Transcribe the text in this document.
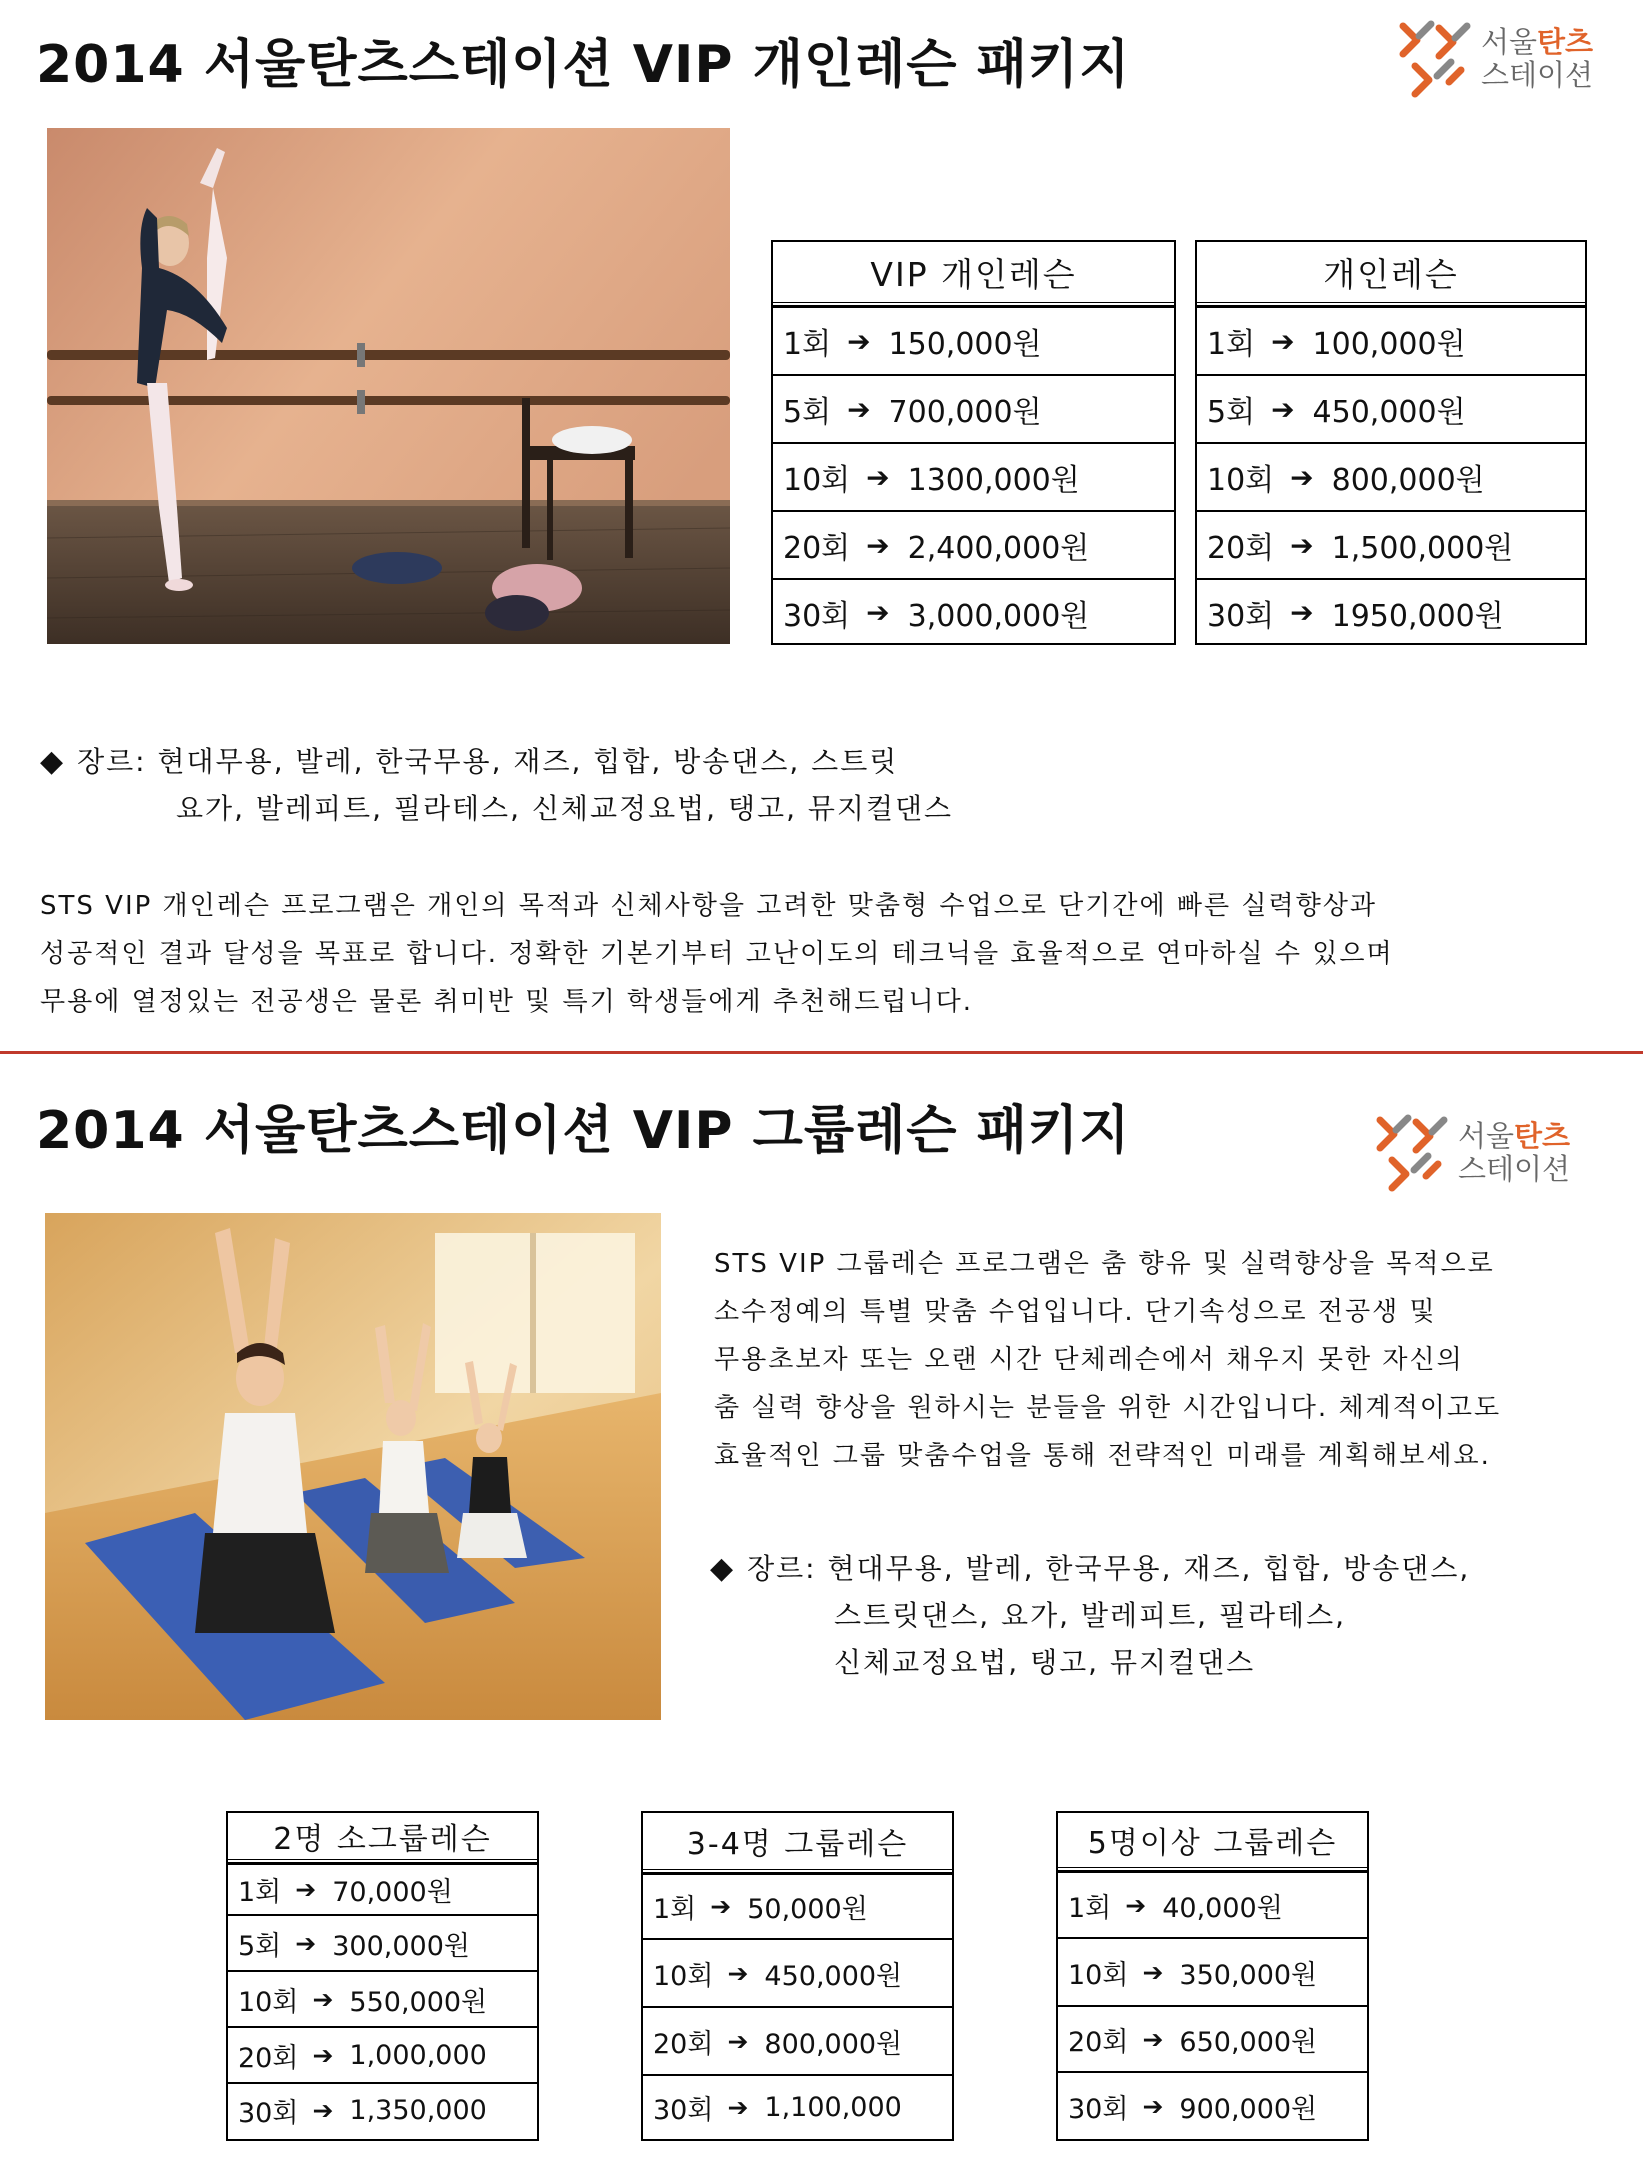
2014 서울탄츠스테이션 VIP 개인레슨 패키지	서울탄츠
스테이션
VIP 개인레슨
1회 ➔ 150,000원
5회 ➔ 700,000원
10회 ➔ 1300,000원
20회 ➔ 2,400,000원
30회 ➔ 3,000,000원
개인레슨
1회 ➔ 100,000원
5회 ➔ 450,000원
10회 ➔ 800,000원
20회 ➔ 1,500,000원
30회 ➔ 1950,000원
◆ 장르: 현대무용, 발레, 한국무용, 재즈, 힙합, 방송댄스, 스트릿
요가, 발레피트, 필라테스, 신체교정요법, 탱고, 뮤지컬댄스
STS VIP 개인레슨 프로그램은 개인의 목적과 신체사항을 고려한 맞춤형 수업으로 단기간에 빠른 실력향상과
성공적인 결과 달성을 목표로 합니다. 정확한 기본기부터 고난이도의 테크닉을 효율적으로 연마하실 수 있으며
무용에 열정있는 전공생은 물론 취미반 및 특기 학생들에게 추천해드립니다.
2014 서울탄츠스테이션 VIP 그룹레슨 패키지	서울탄츠
스테이션
STS VIP 그룹레슨 프로그램은 춤 향유 및 실력향상을 목적으로
소수정예의 특별 맞춤 수업입니다. 단기속성으로 전공생 및
무용초보자 또는 오랜 시간 단체레슨에서 채우지 못한 자신의
춤 실력 향상을 원하시는 분들을 위한 시간입니다. 체계적이고도
효율적인 그룹 맞춤수업을 통해 전략적인 미래를 계획해보세요.
◆ 장르: 현대무용, 발레, 한국무용, 재즈, 힙합, 방송댄스,
스트릿댄스, 요가, 발레피트, 필라테스,
신체교정요법, 탱고, 뮤지컬댄스
2명 소그룹레슨
1회 ➔ 70,000원
5회 ➔ 300,000원
10회 ➔ 550,000원
20회 ➔ 1,000,000
30회 ➔ 1,350,000
3-4명 그룹레슨
1회 ➔ 50,000원
10회 ➔ 450,000원
20회 ➔ 800,000원
30회 ➔ 1,100,000
5명이상 그룹레슨
1회 ➔ 40,000원
10회 ➔ 350,000원
20회 ➔ 650,000원
30회 ➔ 900,000원
